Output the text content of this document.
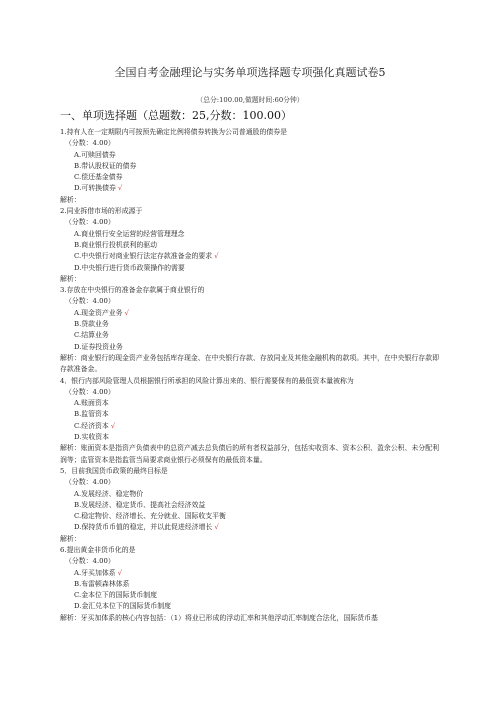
全国自考金融理论与实务单项选择题专项强化真题试卷5
（总分:100.00,做题时间:60分钟）
一、单项选择题（总题数：25,分数：100.00）
1.持有人在一定期限内可按预先确定比例将债券转换为公司普通股的债券是
（分数：4.00）
A.可赎回债券
B.带认股权证的债券
C.偿还基金债券
D.可转换债券 √
解析：
2.同业拆借市场的形成源于
（分数：4.00）
A.商业银行安全运营的经营管理理念
B.商业银行投机获利的驱动
C.中央银行对商业银行法定存款准备金的要求 √
D.中央银行进行货币政策操作的需要
解析：
3.存放在中央银行的准备金存款属于商业银行的
（分数：4.00）
A.现金资产业务 √
B.贷款业务
C.结算业务
D.证券投资业务
解析：商业银行的现金资产业务包括库存现金、在中央银行存款、存放同业及其他金融机构的款项。其中，在中央银行存款即存款准备金。
4．银行内部风险管理人员根据银行所承担的风险计算出来的、银行需要保有的最低资本量被称为
（分数：4.00）
A.账面资本
B.监管资本
C.经济资本 √
D.实收资本
解析：账面资本是指资产负债表中的总资产减去总负债后的所有者权益部分，包括实收资本、资本公积、盈余公积、未分配利润等；监管资本是指监管当局要求商业银行必须保有的最低资本量。
5．目前我国货币政策的最终目标是
（分数：4.00）
A.发展经济、稳定物价
B.发展经济、稳定货币、提高社会经济效益
C.稳定物价、经济增长、充分就业、国际收支平衡
D.保持货币币值的稳定，并以此促进经济增长 √
解析：
6.提出黄金非货币化的是
（分数：4.00）
A.牙买加体系 √
B.布雷顿森林体系
C.金本位下的国际货币制度
D.金汇兑本位下的国际货币制度
解析：牙买加体系的核心内容包括：（1）将业已形成的浮动汇率和其他浮动汇率制度合法化，国际货币基
